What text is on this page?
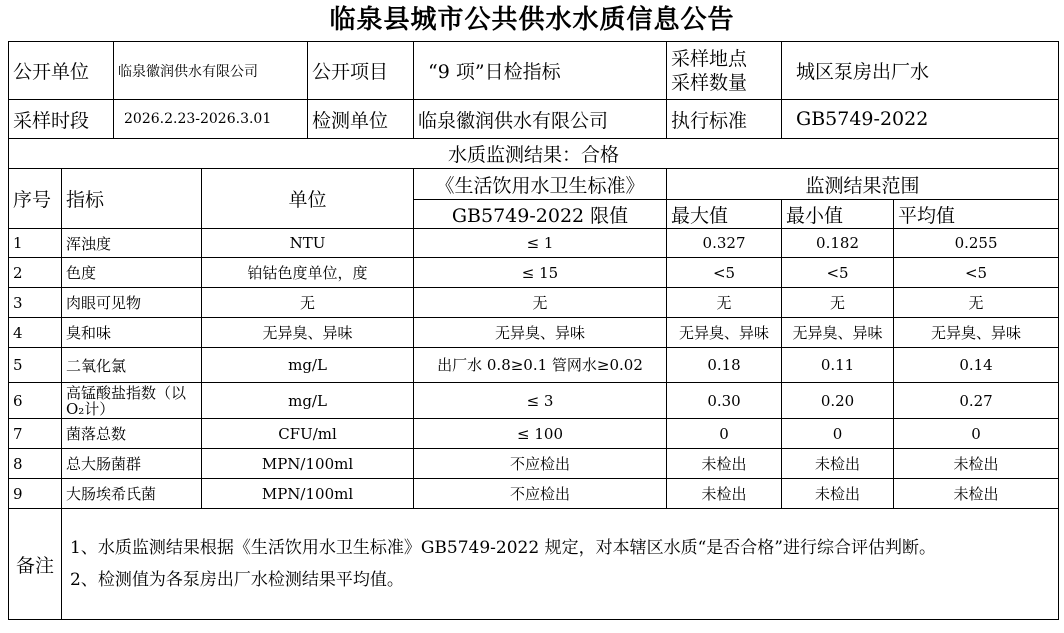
临泉县城市公共供水水质信息公告
公开单位		临泉徽润供水有限公司		公开项目	“9 项”日检指标	采样地点
采样数量	城区泵房出厂水	
采样时段		2026.2.23-2026.3.01		检测单位	临泉徽润供水有限公司	执行标准	GB5749-2022	
水质监测结果：合格								
序号	指标		单位		《生活饮用水卫生标准》	监测结果范围		
					GB5749-2022 限值	最大值	最小值	平均值
1	浑浊度		NTU		≤ 1	0.327	0.182	0.255
2	色度		铂钴色度单位，度		≤ 15	<5	<5	<5
3	肉眼可见物		无		无	无	无	无
4	臭和味		无异臭、异味		无异臭、异味	无异臭、异味	无异臭、异味	无异臭、异味
5	二氧化氯		mg/L		出厂水 0.8≥0.1 管网水≥0.02	0.18	0.11	0.14
6	高锰酸盐指数（以O₂计）		mg/L		≤ 3	0.30	0.20	0.27
7	菌落总数		CFU/ml		≤ 100	0	0	0
8	总大肠菌群		MPN/100ml		不应检出	未检出	未检出	未检出
9	大肠埃希氏菌		MPN/100ml		不应检出	未检出	未检出	未检出
备注	1、水质监测结果根据《生活饮用水卫生标准》GB5749-2022 规定，对本辖区水质“是否合格”进行综合评估判断。
2、检测值为各泵房出厂水检测结果平均值。							
